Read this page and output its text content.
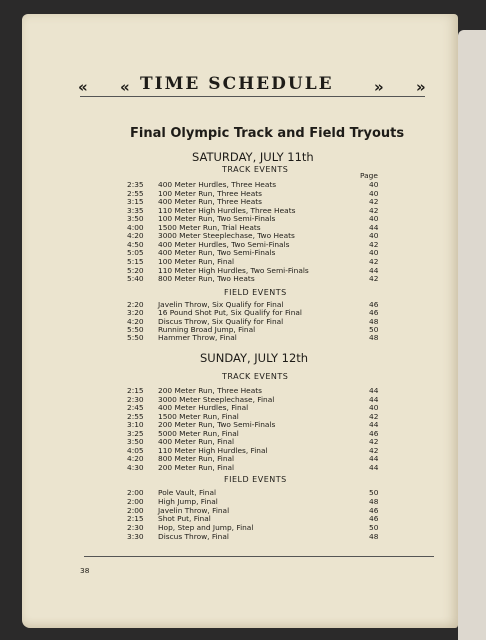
« « TIME SCHEDULE	» »
Final Olympic Track and Field Tryouts
SATURDAY, JULY 11th
Page
TRACK EVENTS
2:35 400 Meter Hurdles, Three Heats	40
2:55 100 Meter Run, Three Heats	40
3:15 400 Meter Run, Three Heats	42
3:35 110 Meter High Hurdles, Three Heats	42
3:50 100 Meter Run, Two Semi-Finals	40
4:00 1500 Meter Run, Trial Heats	44
4:20 3000 Meter Steeplechase, Two Heats	40
4:50 400 Meter Hurdles, Two Semi-Finals	42
5:05 400 Meter Run, Two Semi-Finals	40
5:15 100 Meter Run, Final	42
5:20 110 Meter High Hurdles, Two Semi-Finals	44
5:40 800 Meter Run, Two Heats	42
FIELD EVENTS
2:20 Javelin Throw, Six Qualify for Final	46
3:20 16 Pound Shot Put, Six Qualify for Final	46
4:20 Discus Throw, Six Qualify for Final	48
5:50 Running Broad Jump, Final	50
5:50 Hammer Throw, Final	48
SUNDAY, JULY 12th
TRACK EVENTS
2:15 200 Meter Run, Three Heats	44
2:30 3000 Meter Steeplechase, Final	44
2:45 400 Meter Hurdles, Final	40
2:55 1500 Meter Run, Final	42
3:10 200 Meter Run, Two Semi-Finals	44
3:25 5000 Meter Run, Final	46
3:50 400 Meter Run, Final	42
4:05 110 Meter High Hurdles, Final	42
4:20 800 Meter Run, Final	44
4:30 200 Meter Run, Final	44
FIELD EVENTS
2:00 Pole Vault, Final	50
2:00 High Jump, Final	48
2:00 Javelin Throw, Final	46
2:15 Shot Put, Final	46
2:30 Hop, Step and Jump, Final	50
3:30 Discus Throw, Final	48
38
